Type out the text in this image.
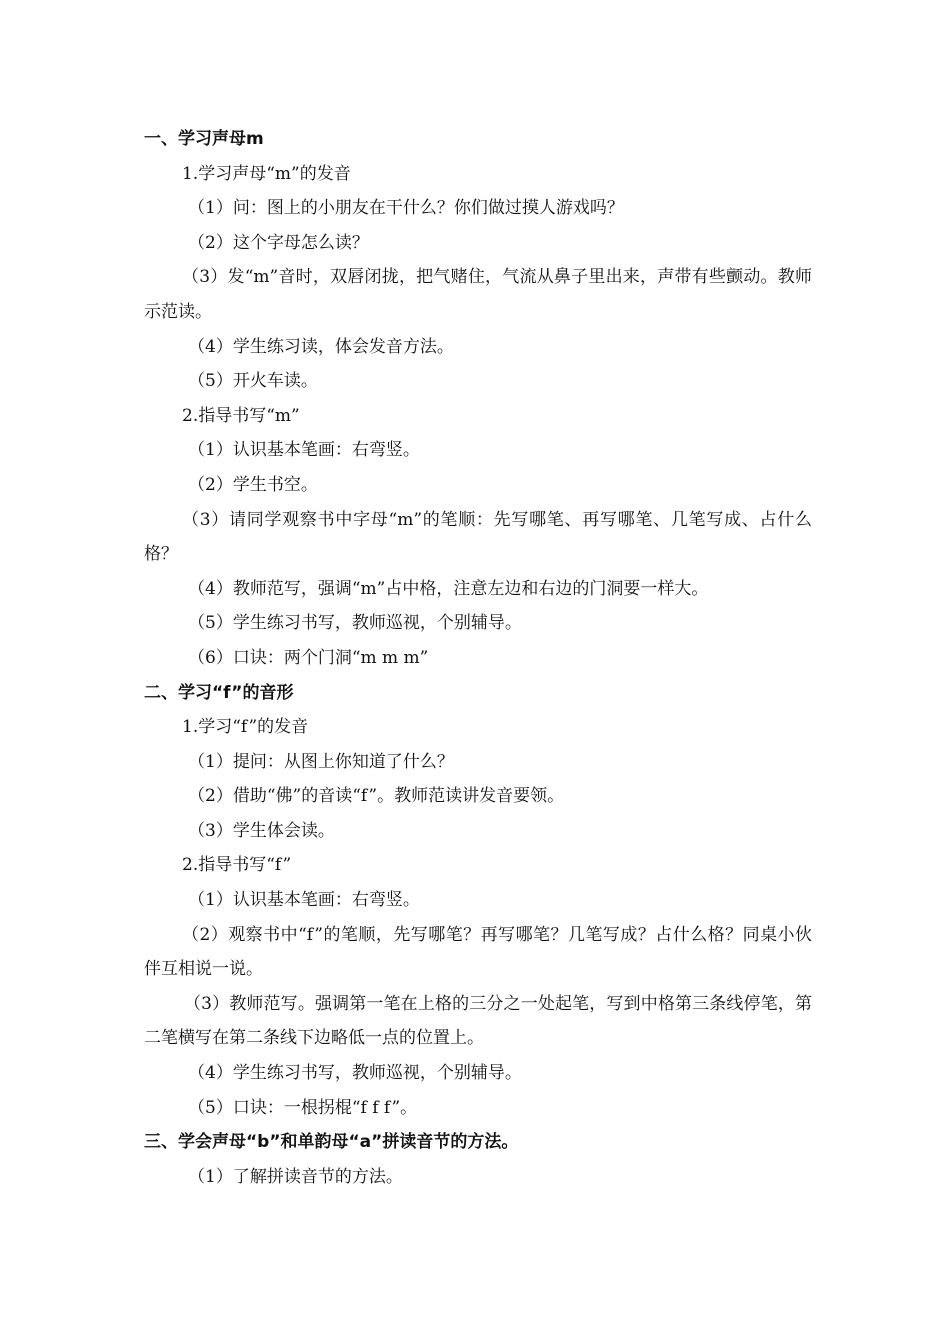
一、学习声母m

1.学习声母“m”的发音

（1）问：图上的小朋友在干什么？你们做过摸人游戏吗？

（2）这个字母怎么读？

（3）发“m”音时，双唇闭拢，把气赌住，气流从鼻子里出来，声带有些颤动。教师示范读。

（4）学生练习读，体会发音方法。

（5）开火车读。

2.指导书写“m”

（1）认识基本笔画：右弯竖。

（2）学生书空。

（3）请同学观察书中字母“m”的笔顺：先写哪笔、再写哪笔、几笔写成、占什么格？

（4）教师范写，强调“m”占中格，注意左边和右边的门洞要一样大。

（5）学生练习书写，教师巡视，个别辅导。

（6）口诀：两个门洞“m m m”

二、学习“f”的音形

1.学习“f”的发音

（1）提问：从图上你知道了什么？

（2）借助“佛”的音读“f”。教师范读讲发音要领。

（3）学生体会读。

2.指导书写“f”

（1）认识基本笔画：右弯竖。

（2）观察书中“f”的笔顺，先写哪笔？再写哪笔？几笔写成？占什么格？同桌小伙伴互相说一说。

（3）教师范写。强调第一笔在上格的三分之一处起笔，写到中格第三条线停笔，第二笔横写在第二条线下边略低一点的位置上。

（4）学生练习书写，教师巡视，个别辅导。

（5）口诀：一根拐棍“f f f”。

三、学会声母“b”和单韵母“a”拼读音节的方法。

（1）了解拼读音节的方法。
